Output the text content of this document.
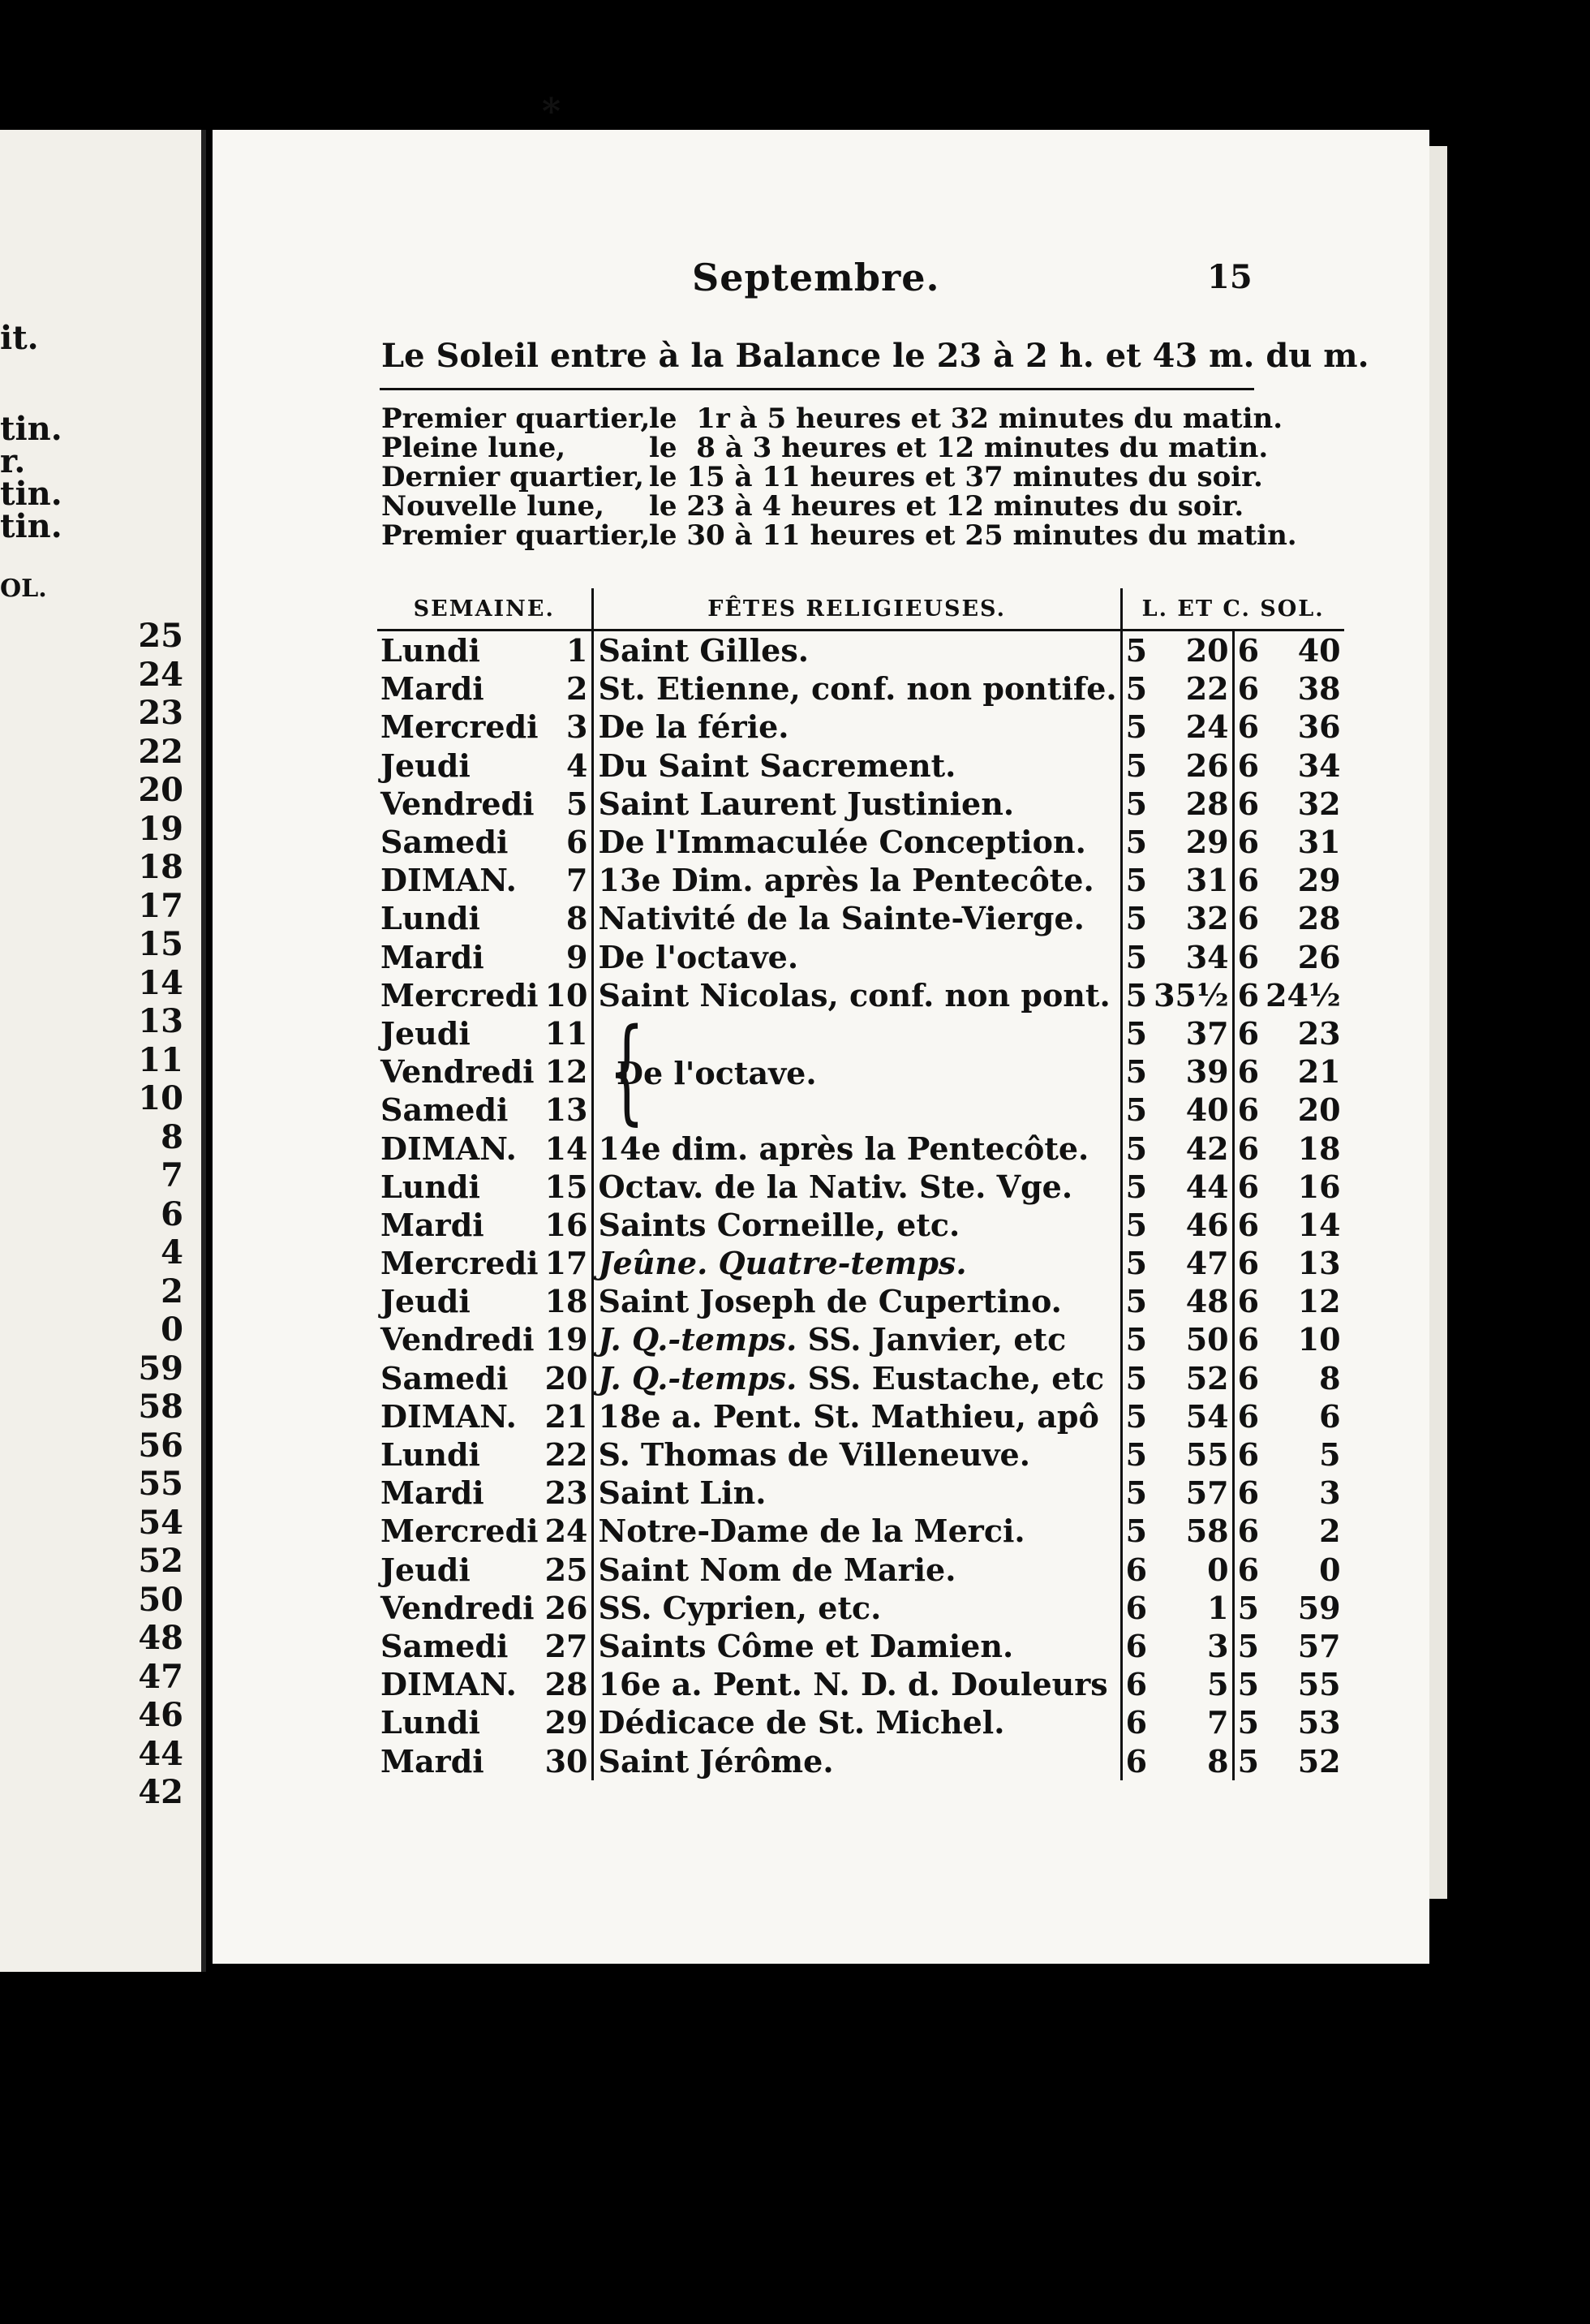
it.
tin.
r.
tin.
tin.
OL.
25
24
23
22
20
19
18
17
15
14
13
11
10
8
7
6
4
2
0
59
58
56
55
54
52
50
48
47
46
44
42
*
Septembre.	15
Le Soleil entre à la Balance le 23 à 2 h. et 43 m. du m.
Premier quartier,le  1r à 5 heures et 32 minutes du matin.
Pleine lune,	le  8 à 3 heures et 12 minutes du matin.
Dernier quartier, le 15 à 11 heures et 37 minutes du soir.
Nouvelle lune, le 23 à 4 heures et 12 minutes du soir.
Premier quartier,le 30 à 11 heures et 25 minutes du matin.
SEMAINE.		FÊTES RELIGIEUSES.	L. ET C. SOL.			
Lundi	1	Saint Gilles.	5	20	6	40
Mardi	2	St. Etienne, conf. non pontife.	5	22	6	38
Mercredi	3	De la férie.	5	24	6	36
Jeudi	4	Du Saint Sacrement.	5	26	6	34
Vendredi	5	Saint Laurent Justinien.	5	28	6	32
Samedi	6	De l'Immaculée Conception.	5	29	6	31
DIMAN.	7	13e Dim. après la Pentecôte.	5	31	6	29
Lundi	8	Nativité de la Sainte-Vierge.	5	32	6	28
Mardi	9	De l'octave.	5	34	6	26
Mercredi	10	Saint Nicolas, conf. non pont.	5	35½	6	24½
Jeudi	11		5	37	6	23
Vendredi	12		5	39	6	21
Samedi	13		5	40	6	20
DIMAN.	14	14e dim. après la Pentecôte.	5	42	6	18
Lundi	15	Octav. de la Nativ. Ste. Vge.	5	44	6	16
Mardi	16	Saints Corneille, etc.	5	46	6	14
Mercredi	17	Jeûne. Quatre-temps.	5	47	6	13
Jeudi	18	Saint Joseph de Cupertino.	5	48	6	12
Vendredi	19	J. Q.-temps. SS. Janvier, etc	5	50	6	10
Samedi	20	J. Q.-temps. SS. Eustache, etc	5	52	6	8
DIMAN.	21	18e a. Pent. St. Mathieu, apô	5	54	6	6
Lundi	22	S. Thomas de Villeneuve.	5	55	6	5
Mardi	23	Saint Lin.	5	57	6	3
Mercredi	24	Notre-Dame de la Merci.	5	58	6	2
Jeudi	25	Saint Nom de Marie.	6	0	6	0
Vendredi	26	SS. Cyprien, etc.	6	1	5	59
Samedi	27	Saints Côme et Damien.	6	3	5	57
DIMAN.	28	16e a. Pent. N. D. d. Douleurs	6	5	5	55
Lundi	29	Dédicace de St. Michel.	6	7	5	53
Mardi	30	Saint Jérôme.	6	8	5	52
{
De l'octave.
